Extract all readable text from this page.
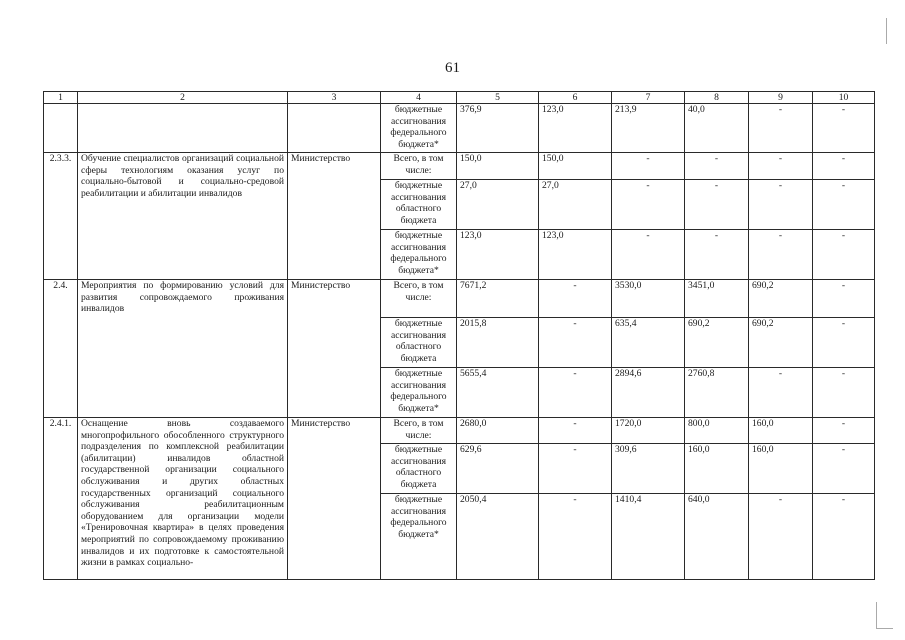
61
1	2	3	4	5	6	7	8	9	10
			бюджетные ассигнования федерального бюджета*	376,9	123,0	213,9	40,0	-	-
2.3.3.	Обучение специалистов организаций социальной сферы технологиям оказания услуг по социально-бытовой и социально-средовой реабилитации и абилитации инвалидов	Министерство	Всего, в том числе:	150,0	150,0	-	-	-	-
			бюджетные ассигнования областного бюджета	27,0	27,0	-	-	-	-
			бюджетные ассигнования федерального бюджета*	123,0	123,0	-	-	-	-
2.4.	Мероприятия по формированию условий для развития сопровождаемого проживания инвалидов	Министерство	Всего, в том числе:	7671,2	-	3530,0	3451,0	690,2	-
			бюджетные ассигнования областного бюджета	2015,8	-	635,4	690,2	690,2	-
			бюджетные ассигнования федерального бюджета*	5655,4	-	2894,6	2760,8	-	-
2.4.1.	Оснащение вновь создаваемого многопрофильного обособленного структурного подразделения по комплексной реабилитации (абилитации) инвалидов областной государственной организации социального обслуживания и других областных государственных организаций социального обслуживания реабилитационным оборудованием для организации модели «Тренировочная квартира» в целях проведения мероприятий по сопровождаемому проживанию инвалидов и их подготовке к самостоятельной жизни в рамках социально-	Министерство	Всего, в том числе:	2680,0	-	1720,0	800,0	160,0	-
			бюджетные ассигнования областного бюджета	629,6	-	309,6	160,0	160,0	-
			бюджетные ассигнования федерального бюджета*	2050,4	-	1410,4	640,0	-	-
